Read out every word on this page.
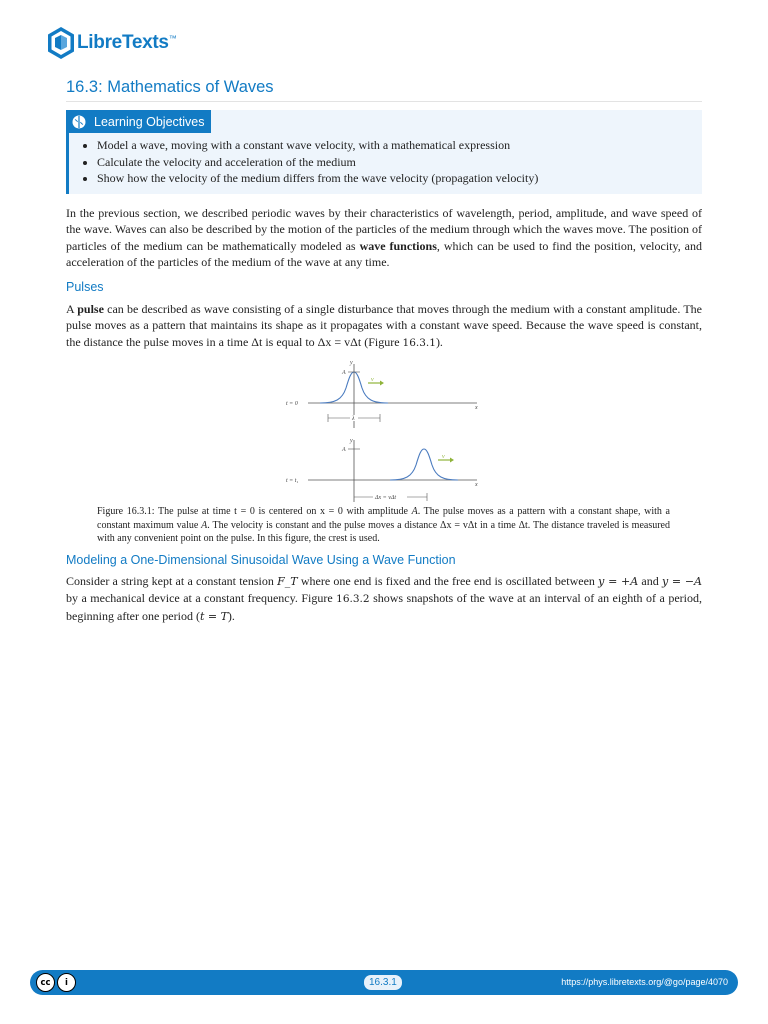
LibreTexts ™
16.3: Mathematics of Waves
Learning Objectives
• Model a wave, moving with a constant wave velocity, with a mathematical expression
• Calculate the velocity and acceleration of the medium
• Show how the velocity of the medium differs from the wave velocity (propagation velocity)

In the previous section, we described periodic waves by their characteristics of wavelength, period, amplitude, and wave speed of the wave. Waves can also be described by the motion of the particles of the medium through which the waves move. The position of particles of the medium can be mathematically modeled as wave functions, which can be used to find the position, velocity, and acceleration of the particles of the medium of the wave at any time.

Pulses

A pulse can be described as wave consisting of a single disturbance that moves through the medium with a constant amplitude. The pulse moves as a pattern that maintains its shape as it propagates with a constant wave speed. Because the wave speed is constant, the distance the pulse moves in a time Δt is equal to Δx = vΔt (Figure 16.3.1).

t = 0
y
A
v
x
λ
t = t₁
y
A
v
x
Δx = vΔt

Figure 16.3.1: The pulse at time t = 0 is centered on x = 0 with amplitude A. The pulse moves as a pattern with a constant shape, with a constant maximum value A. The velocity is constant and the pulse moves a distance Δx = vΔt in a time Δt. The distance traveled is measured with any convenient point on the pulse. In this figure, the crest is used.

Modeling a One-Dimensional Sinusoidal Wave Using a Wave Function

Consider a string kept at a constant tension F_T where one end is fixed and the free end is oscillated between y = +A and y = −A by a mechanical device at a constant frequency. Figure 16.3.2 shows snapshots of the wave at an interval of an eighth of a period, beginning after one period (t = T).

cc	i	16.3.1	https://phys.libretexts.org/@go/page/4070
